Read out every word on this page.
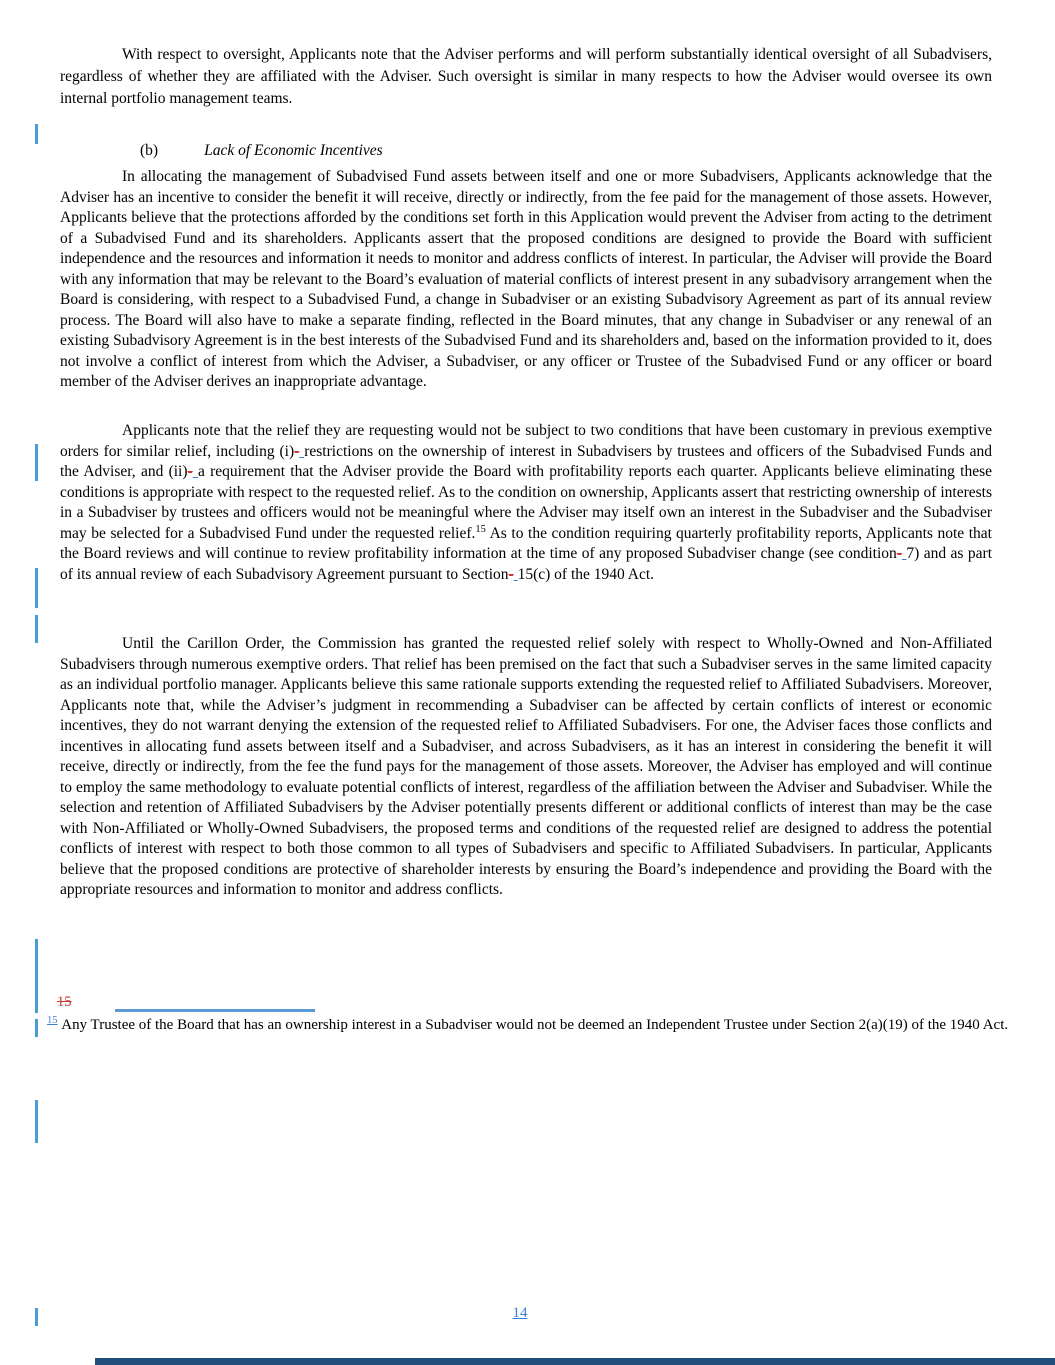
With respect to oversight, Applicants note that the Adviser performs and will perform substantially identical oversight of all Subadvisers, regardless of whether they are affiliated with the Adviser. Such oversight is similar in many respects to how the Adviser would oversee its own internal portfolio management teams.

(b)	Lack of Economic Incentives

In allocating the management of Subadvised Fund assets between itself and one or more Subadvisers, Applicants acknowledge that the Adviser has an incentive to consider the benefit it will receive, directly or indirectly, from the fee paid for the management of those assets. However, Applicants believe that the protections afforded by the conditions set forth in this Application would prevent the Adviser from acting to the detriment of a Subadvised Fund and its shareholders. Applicants assert that the proposed conditions are designed to provide the Board with sufficient independence and the resources and information it needs to monitor and address conflicts of interest. In particular, the Adviser will provide the Board with any information that may be relevant to the Board’s evaluation of material conflicts of interest present in any subadvisory arrangement when the Board is considering, with respect to a Subadvised Fund, a change in Subadviser or an existing Subadvisory Agreement as part of its annual review process. The Board will also have to make a separate finding, reflected in the Board minutes, that any change in Subadviser or any renewal of an existing Subadvisory Agreement is in the best interests of the Subadvised Fund and its shareholders and, based on the information provided to it, does not involve a conflict of interest from which the Adviser, a Subadviser, or any officer or Trustee of the Subadvised Fund or any officer or board member of the Adviser derives an inappropriate advantage.

Applicants note that the relief they are requesting would not be subject to two conditions that have been customary in previous exemptive orders for similar relief, including (i)- restrictions on the ownership of interest in Subadvisers by trustees and officers of the Subadvised Funds and the Adviser, and (ii)- a requirement that the Adviser provide the Board with profitability reports each quarter. Applicants believe eliminating these conditions is appropriate with respect to the requested relief. As to the condition on ownership, Applicants assert that restricting ownership of interests in a Subadviser by trustees and officers would not be meaningful where the Adviser may itself own an interest in the Subadviser and the Subadviser may be selected for a Subadvised Fund under the requested relief.$^{15}$ As to the condition requiring quarterly profitability reports, Applicants note that the Board reviews and will continue to review profitability information at the time of any proposed Subadviser change (see condition- 7) and as part of its annual review of each Subadvisory Agreement pursuant to Section- 15(c) of the 1940 Act.

Until the Carillon Order, the Commission has granted the requested relief solely with respect to Wholly-Owned and Non-Affiliated Subadvisers through numerous exemptive orders. That relief has been premised on the fact that such a Subadviser serves in the same limited capacity as an individual portfolio manager. Applicants believe this same rationale supports extending the requested relief to Affiliated Subadvisers. Moreover, Applicants note that, while the Adviser’s judgment in recommending a Subadviser can be affected by certain conflicts of interest or economic incentives, they do not warrant denying the extension of the requested relief to Affiliated Subadvisers. For one, the Adviser faces those conflicts and incentives in allocating fund assets between itself and a Subadviser, and across Subadvisers, as it has an interest in considering the benefit it will receive, directly or indirectly, from the fee the fund pays for the management of those assets. Moreover, the Adviser has employed and will continue to employ the same methodology to evaluate potential conflicts of interest, regardless of the affiliation between the Adviser and Subadviser. While the selection and retention of Affiliated Subadvisers by the Adviser potentially presents different or additional conflicts of interest than may be the case with Non-Affiliated or Wholly-Owned Subadvisers, the proposed terms and conditions of the requested relief are designed to address the potential conflicts of interest with respect to both those common to all types of Subadvisers and specific to Affiliated Subadvisers. In particular, Applicants believe that the proposed conditions are protective of shareholder interests by ensuring the Board’s independence and providing the Board with the appropriate resources and information to monitor and address conflicts.

15

$^{15}$ Any Trustee of the Board that has an ownership interest in a Subadviser would not be deemed an Independent Trustee under Section 2(a)(19) of the 1940 Act.

14
